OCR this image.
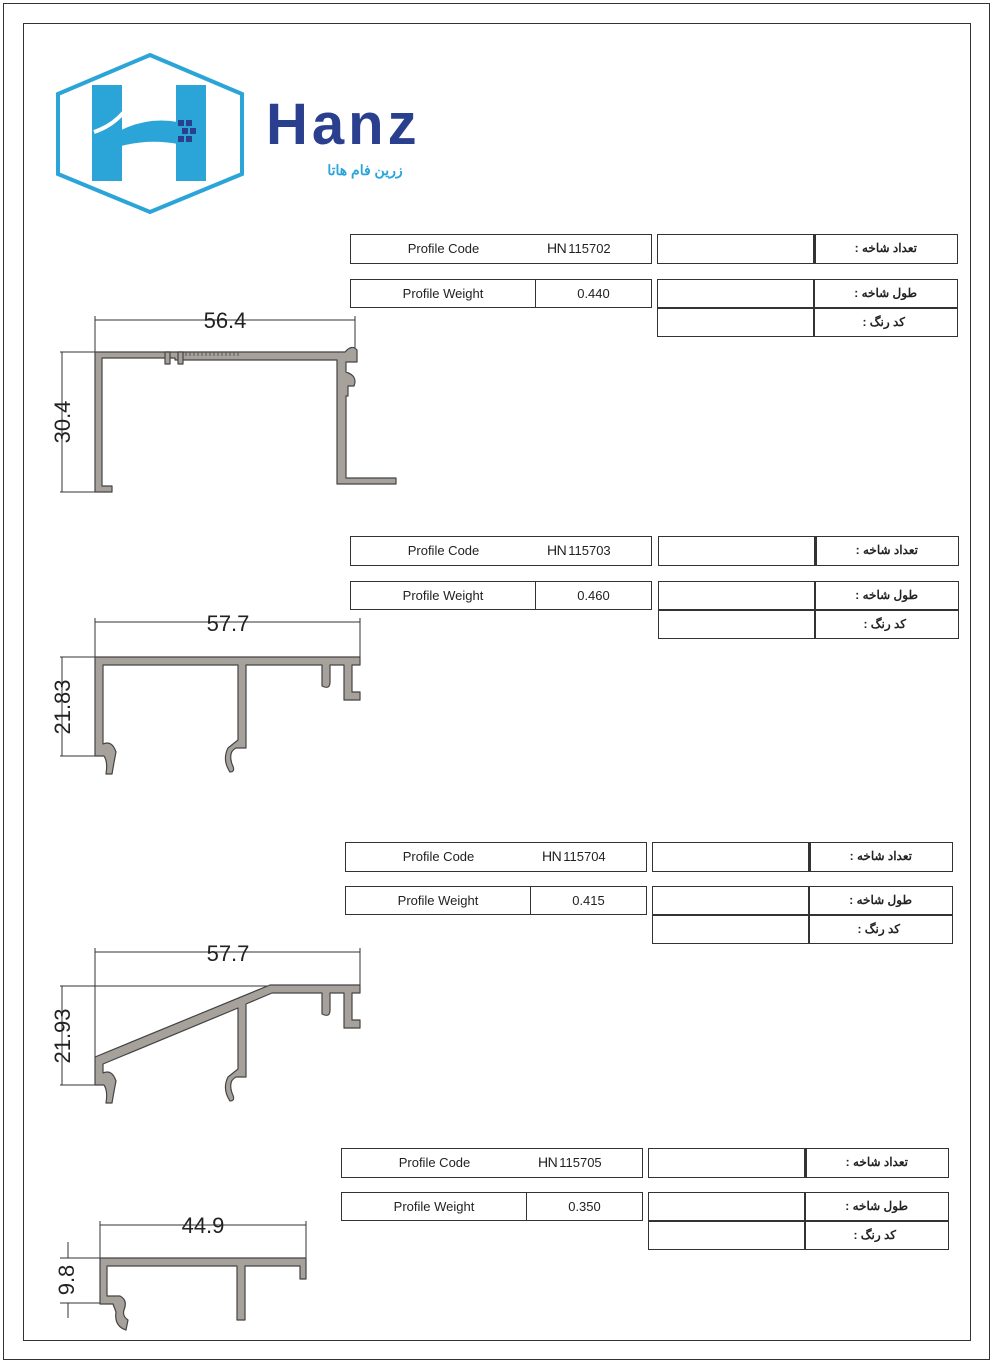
Hanz
زرین فام هاتا
Profile Code	HN 115702
Profile Weight	0.440
تعداد شاخه :
طول شاخه :
کد رنگ :
Profile Code	HN 115703
Profile Weight	0.460
تعداد شاخه :
طول شاخه :
کد رنگ :
Profile Code	HN 115704
Profile Weight	0.415
تعداد شاخه :
طول شاخه :
کد رنگ :
Profile Code	HN 115705
Profile Weight	0.350
تعداد شاخه :
طول شاخه :
کد رنگ :
56.4
30.4
57.7
21.83
57.7
21.93
44.9
9.8
